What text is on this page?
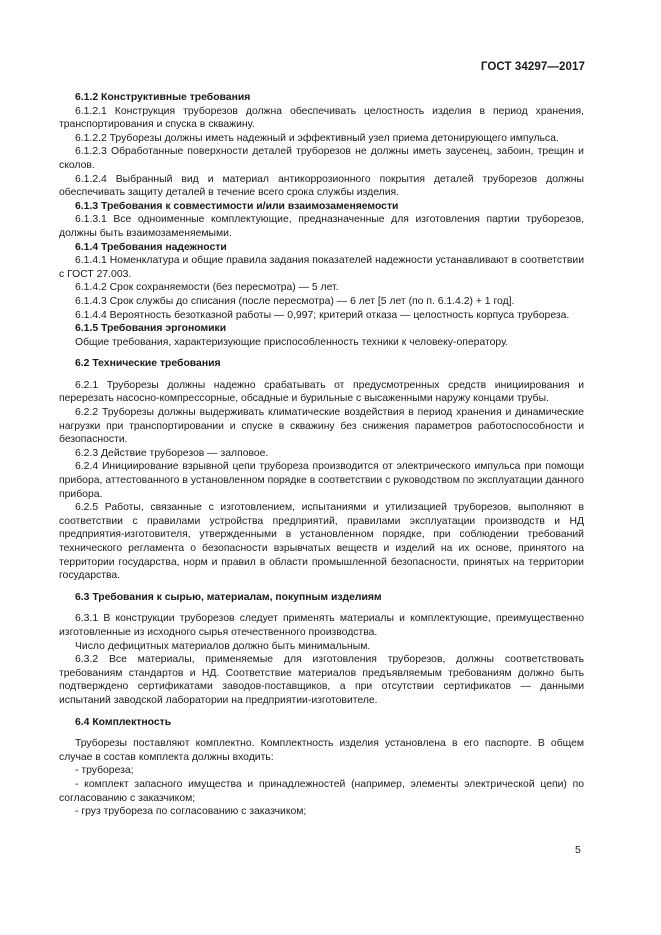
ГОСТ 34297—2017

6.1.2 Конструктивные требования

6.1.2.1 Конструкция труборезов должна обеспечивать целостность изделия в период хранения, транспортирования и спуска в скважину.

6.1.2.2 Труборезы должны иметь надежный и эффективный узел приема детонирующего импульса.

6.1.2.3 Обработанные поверхности деталей труборезов не должны иметь заусенец, забоин, трещин и сколов.

6.1.2.4 Выбранный вид и материал антикоррозионного покрытия деталей труборезов должны обеспечивать защиту деталей в течение всего срока службы изделия.

6.1.3 Требования к совместимости и/или взаимозаменяемости

6.1.3.1 Все одноименные комплектующие, предназначенные для изготовления партии труборезов, должны быть взаимозаменяемыми.

6.1.4 Требования надежности

6.1.4.1 Номенклатура и общие правила задания показателей надежности устанавливают в соответствии с ГОСТ 27.003.

6.1.4.2 Срок сохраняемости (без пересмотра) — 5 лет.

6.1.4.3 Срок службы до списания (после пересмотра) — 6 лет [5 лет (по п. 6.1.4.2) + 1 год].

6.1.4.4 Вероятность безотказной работы — 0,997; критерий отказа — целостность корпуса трубореза.

6.1.5 Требования эргономики

Общие требования, характеризующие приспособленность техники к человеку-оператору.

6.2 Технические требования

6.2.1 Труборезы должны надежно срабатывать от предусмотренных средств инициирования и перерезать насосно-компрессорные, обсадные и бурильные с высаженными наружу концами трубы.

6.2.2 Труборезы должны выдерживать климатические воздействия в период хранения и динамические нагрузки при транспортировании и спуске в скважину без снижения параметров работоспособности и безопасности.

6.2.3 Действие труборезов — залповое.

6.2.4 Инициирование взрывной цепи трубореза производится от электрического импульса при помощи прибора, аттестованного в установленном порядке в соответствии с руководством по эксплуатации данного прибора.

6.2.5 Работы, связанные с изготовлением, испытаниями и утилизацией труборезов, выполняют в соответствии с правилами устройства предприятий, правилами эксплуатации производств и НД предприятия-изготовителя, утвержденными в установленном порядке, при соблюдении требований технического регламента о безопасности взрывчатых веществ и изделий на их основе, принятого на территории государства, норм и правил в области промышленной безопасности, принятых на территории государства.

6.3 Требования к сырью, материалам, покупным изделиям

6.3.1 В конструкции труборезов следует применять материалы и комплектующие, преимущественно изготовленные из исходного сырья отечественного производства.

Число дефицитных материалов должно быть минимальным.

6.3.2 Все материалы, применяемые для изготовления труборезов, должны соответствовать требованиям стандартов и НД. Соответствие материалов предъявляемым требованиям должно быть подтверждено сертификатами заводов-поставщиков, а при отсутствии сертификатов — данными испытаний заводской лаборатории на предприятии-изготовителе.

6.4 Комплектность

Труборезы поставляют комплектно. Комплектность изделия установлена в его паспорте. В общем случае в состав комплекта должны входить:

- трубореза;

- комплект запасного имущества и принадлежностей (например, элементы электрической цепи) по согласованию с заказчиком;

- груз трубореза по согласованию с заказчиком;

5
